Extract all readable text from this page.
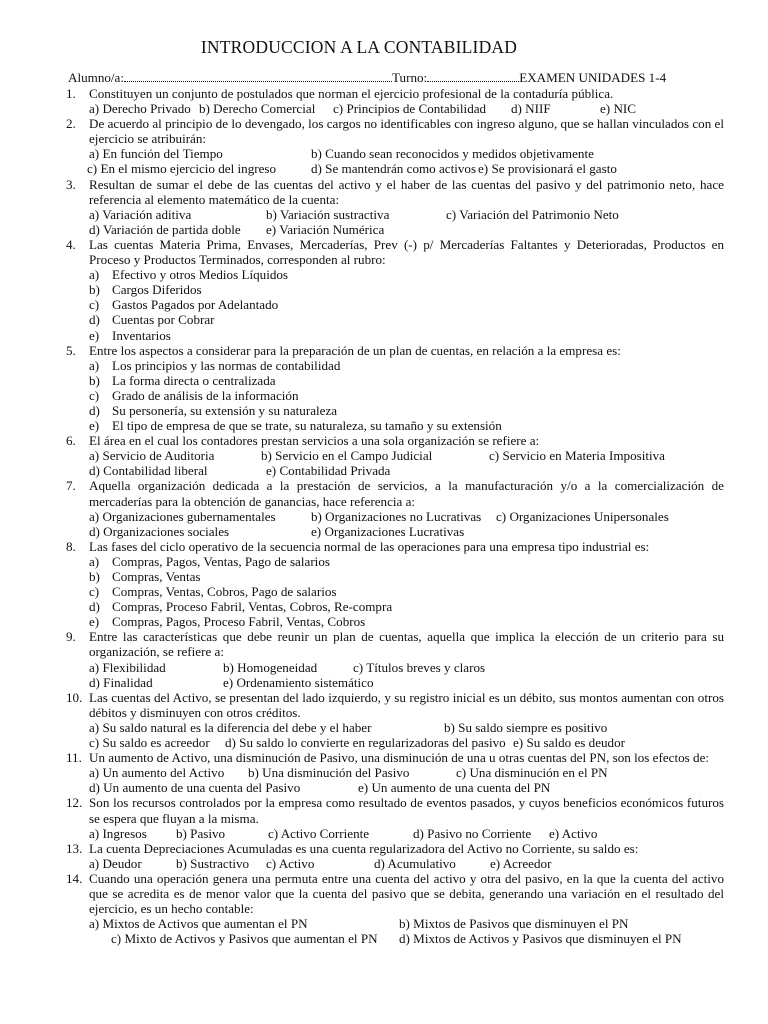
INTRODUCCION A LA CONTABILIDAD
Alumno/a:	Turno:	EXAMEN UNIDADES 1-4
1. Constituyen un conjunto de postulados que norman el ejercicio profesional de la contaduría pública.
a) Derecho Privado b) Derecho Comercial c) Principios de Contabilidad d) NIIF	e) NIC
2. De acuerdo al principio de lo devengado, los cargos no identificables con ingreso alguno, que se hallan vinculados con el ejercicio se atribuirán:
a) En función del Tiempo	b) Cuando sean reconocidos y medidos objetivamente
c) En el mismo ejercicio del ingreso	d) Se mantendrán como activos e) Se provisionará el gasto
3. Resultan de sumar el debe de las cuentas del activo y el haber de las cuentas del pasivo y del patrimonio neto, hace referencia al elemento matemático de la cuenta:
a) Variación aditiva	b) Variación sustractiva	c) Variación del Patrimonio Neto
d) Variación de partida doble e) Variación Numérica
4. Las cuentas Materia Prima, Envases, Mercaderías, Prev (-) p/ Mercaderías Faltantes y Deterioradas, Productos en Proceso y Productos Terminados, corresponden al rubro:
a) Efectivo y otros Medios Líquidos
b) Cargos Diferidos
c) Gastos Pagados por Adelantado
d) Cuentas por Cobrar
e) Inventarios
5. Entre los aspectos a considerar para la preparación de un plan de cuentas, en relación a la empresa es:
a) Los principios y las normas de contabilidad
b) La forma directa o centralizada
c) Grado de análisis de la información
d) Su personería, su extensión y su naturaleza
e) El tipo de empresa de que se trate, su naturaleza, su tamaño y su extensión
6. El área en el cual los contadores prestan servicios a una sola organización se refiere a:
a) Servicio de Auditoria	b) Servicio en el Campo Judicial	c) Servicio en Materia Impositiva
d) Contabilidad liberal	e) Contabilidad Privada
7. Aquella organización dedicada a la prestación de servicios, a la manufacturación y/o a la comercialización de mercaderías para la obtención de ganancias, hace referencia a:
a) Organizaciones gubernamentales	b) Organizaciones no Lucrativas c) Organizaciones Unipersonales
d) Organizaciones sociales	e) Organizaciones Lucrativas
8. Las fases del ciclo operativo de la secuencia normal de las operaciones para una empresa tipo industrial es:
a) Compras, Pagos, Ventas, Pago de salarios
b) Compras, Ventas
c) Compras, Ventas, Cobros, Pago de salarios
d) Compras, Proceso Fabril, Ventas, Cobros, Re-compra
e) Compras, Pagos, Proceso Fabril, Ventas, Cobros
9. Entre las características que debe reunir un plan de cuentas, aquella que implica la elección de un criterio para su organización, se refiere a:
a) Flexibilidad	b) Homogeneidad	c) Títulos breves y claros
d) Finalidad	e) Ordenamiento sistemático
10. Las cuentas del Activo, se presentan del lado izquierdo, y su registro inicial es un débito, sus montos aumentan con otros débitos y disminuyen con otros créditos.
a) Su saldo natural es la diferencia del debe y el haber	b) Su saldo siempre es positivo
c) Su saldo es acreedor d) Su saldo lo convierte en regularizadoras del pasivo e) Su saldo es deudor
11. Un aumento de Activo, una disminución de Pasivo, una disminución de una u otras cuentas del PN, son los efectos de:
a) Un aumento del Activo b) Una disminución del Pasivo	c) Una disminución en el PN
d) Un aumento de una cuenta del Pasivo	e) Un aumento de una cuenta del PN
12. Son los recursos controlados por la empresa como resultado de eventos pasados, y cuyos beneficios económicos futuros se espera que fluyan a la misma.
a) Ingresos b) Pasivo	c) Activo Corriente	d) Pasivo no Corriente e) Activo
13. La cuenta Depreciaciones Acumuladas es una cuenta regularizadora del Activo no Corriente, su saldo es:
a) Deudor	b) Sustractivo c) Activo	d) Acumulativo	e) Acreedor
14. Cuando una operación genera una permuta entre una cuenta del activo y otra del pasivo, en la que la cuenta del activo que se acredita es de menor valor que la cuenta del pasivo que se debita, generando una variación en el resultado del ejercicio, es un hecho contable:
a) Mixtos de Activos que aumentan el PN	b) Mixtos de Pasivos que disminuyen el PN
c) Mixto de Activos y Pasivos que aumentan el PN d) Mixtos de Activos y Pasivos que disminuyen el PN
